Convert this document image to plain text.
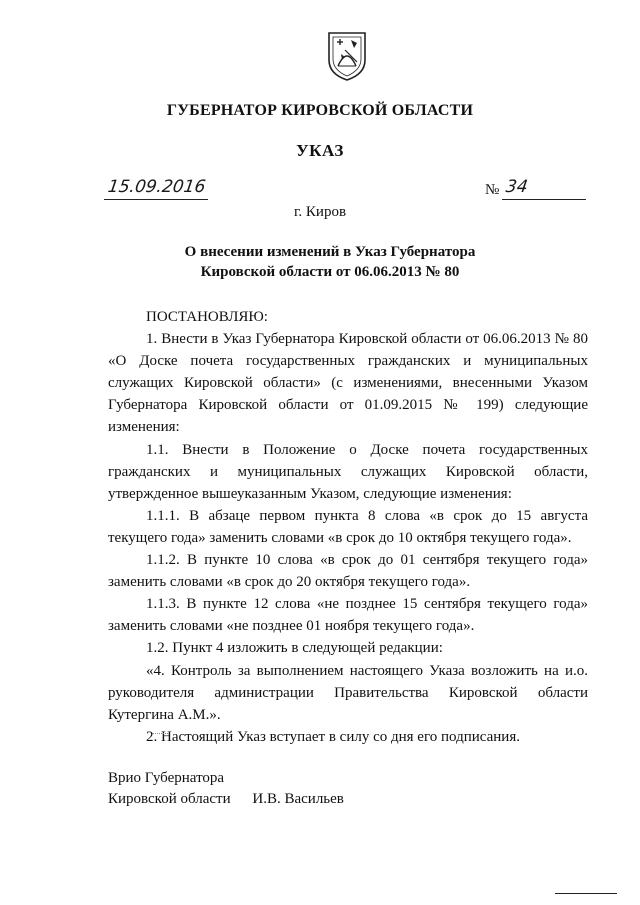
ГУБЕРНАТОР КИРОВСКОЙ ОБЛАСТИ
УКАЗ
15.09.2016	№ 34
г. Киров
О внесении изменений в Указ Губернатора
Кировской области от 06.06.2013 № 80

ПОСТАНОВЛЯЮ:

1. Внести в Указ Губернатора Кировской области от 06.06.2013 № 80 «О Доске почета государственных гражданских и муниципальных служащих Кировской области» (с изменениями, внесенными Указом Губернатора Кировской области от 01.09.2015 № 199) следующие изменения:

1.1. Внести в Положение о Доске почета государственных гражданских и муниципальных служащих Кировской области, утвержденное вышеуказанным Указом, следующие изменения:

1.1.1. В абзаце первом пункта 8 слова «в срок до 15 августа текущего года» заменить словами «в срок до 10 октября текущего года».

1.1.2. В пункте 10 слова «в срок до 01 сентября текущего года» заменить словами «в срок до 20 октября текущего года».

1.1.3. В пункте 12 слова «не позднее 15 сентября текущего года» заменить словами «не позднее 01 ноября текущего года».

1.2. Пункт 4 изложить в следующей редакции:

«4. Контроль за выполнением настоящего Указа возложить на и.о. руководителя администрации Правительства Кировской области Кутергина А.М.».

2. Настоящий Указ вступает в силу со дня его подписания.

Врио Губернатора
Кировской области И.В. Васильев
